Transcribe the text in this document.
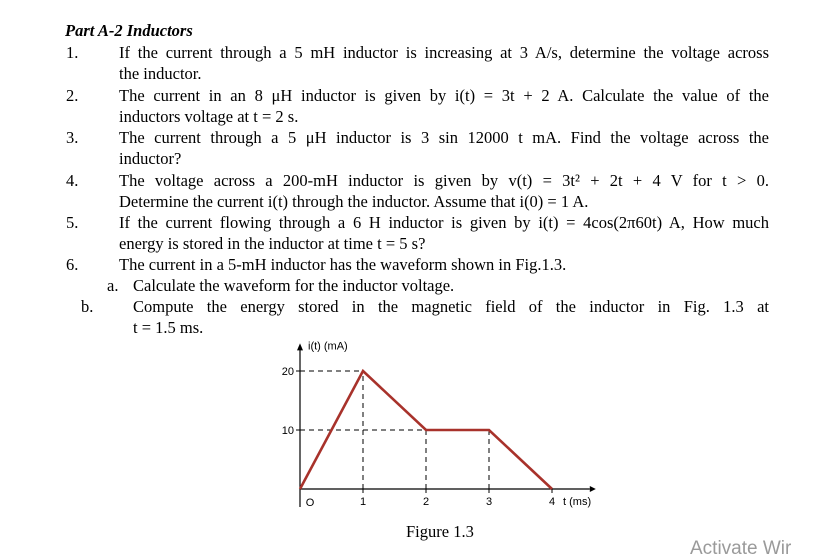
Part A-2 Inductors
1. If the current through a 5 mH inductor is increasing at 3 A/s, determine the voltage across
the inductor.
2. The current in an 8 μH inductor is given by i(t) = 3t + 2 A. Calculate the value of the
inductors voltage at t = 2 s.
3. The current through a 5 μH inductor is 3 sin 12000 t mA. Find the voltage across the
inductor?
4. The voltage across a 200-mH inductor is given by v(t) = 3t² + 2t + 4 V for t > 0.
Determine the current i(t) through the inductor. Assume that i(0) = 1 A.
5. If the current flowing through a 6 H inductor is given by i(t) = 4cos(2π60t) A, How much
energy is stored in the inductor at time t = 5 s?
6. The current in a 5-mH inductor has the waveform shown in Fig.1.3.
a. Calculate the waveform for the inductor voltage.
b. Compute the energy stored in the magnetic field of the inductor in Fig. 1.3 at
t = 1.5 ms.
10
20
1	2	3	4
O
i(t) (mA)
t (ms)
Figure 1.3
Activate Wir
